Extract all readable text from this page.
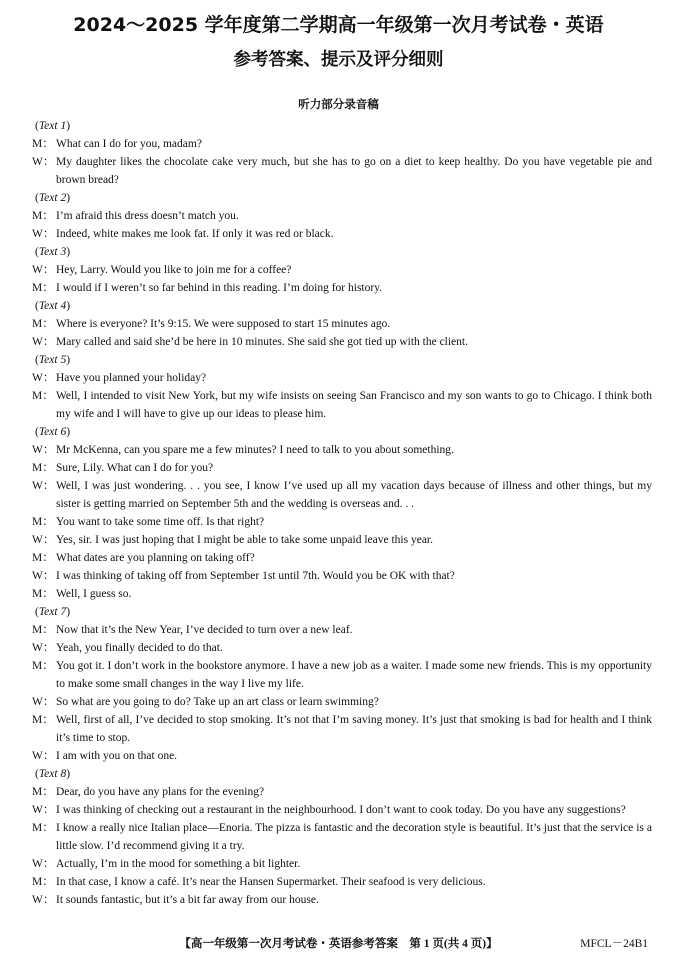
2024～2025 学年度第二学期高一年级第一次月考试卷・英语
参考答案、提示及评分细则
听力部分录音稿
(Text 1)
M： What can I do for you, madam?
W： My daughter likes the chocolate cake very much, but she has to go on a diet to keep healthy. Do you have vegetable pie and brown bread?
(Text 2)
M： I’m afraid this dress doesn’t match you.
W： Indeed, white makes me look fat. If only it was red or black.
(Text 3)
W： Hey, Larry. Would you like to join me for a coffee?
M： I would if I weren’t so far behind in this reading. I’m doing for history.
(Text 4)
M： Where is everyone? It’s 9:15. We were supposed to start 15 minutes ago.
W： Mary called and said she’d be here in 10 minutes. She said she got tied up with the client.
(Text 5)
W： Have you planned your holiday?
M： Well, I intended to visit New York, but my wife insists on seeing San Francisco and my son wants to go to Chicago. I think both my wife and I will have to give up our ideas to please him.
(Text 6)
W： Mr McKenna, can you spare me a few minutes? I need to talk to you about something.
M： Sure, Lily. What can I do for you?
W： Well, I was just wondering. . . you see, I know I’ve used up all my vacation days because of illness and other things, but my sister is getting married on September 5th and the wedding is overseas and. . .
M： You want to take some time off. Is that right?
W： Yes, sir. I was just hoping that I might be able to take some unpaid leave this year.
M： What dates are you planning on taking off?
W： I was thinking of taking off from September 1st until 7th. Would you be OK with that?
M： Well, I guess so.
(Text 7)
M： Now that it’s the New Year, I’ve decided to turn over a new leaf.
W： Yeah, you finally decided to do that.
M： You got it. I don’t work in the bookstore anymore. I have a new job as a waiter. I made some new friends. This is my opportunity to make some small changes in the way I live my life.
W： So what are you going to do? Take up an art class or learn swimming?
M： Well, first of all, I’ve decided to stop smoking. It’s not that I’m saving money. It’s just that smoking is bad for health and I think it’s time to stop.
W： I am with you on that one.
(Text 8)
M： Dear, do you have any plans for the evening?
W： I was thinking of checking out a restaurant in the neighbourhood. I don’t want to cook today. Do you have any suggestions?
M： I know a really nice Italian place—Enoria. The pizza is fantastic and the decoration style is beautiful. It’s just that the service is a little slow. I’d recommend giving it a try.
W： Actually, I’m in the mood for something a bit lighter.
M： In that case, I know a café. It’s near the Hansen Supermarket. Their seafood is very delicious.
W： It sounds fantastic, but it’s a bit far away from our house.
【高一年级第一次月考试卷・英语参考答案　第 1 页(共 4 页)】	MFCL－24B1
